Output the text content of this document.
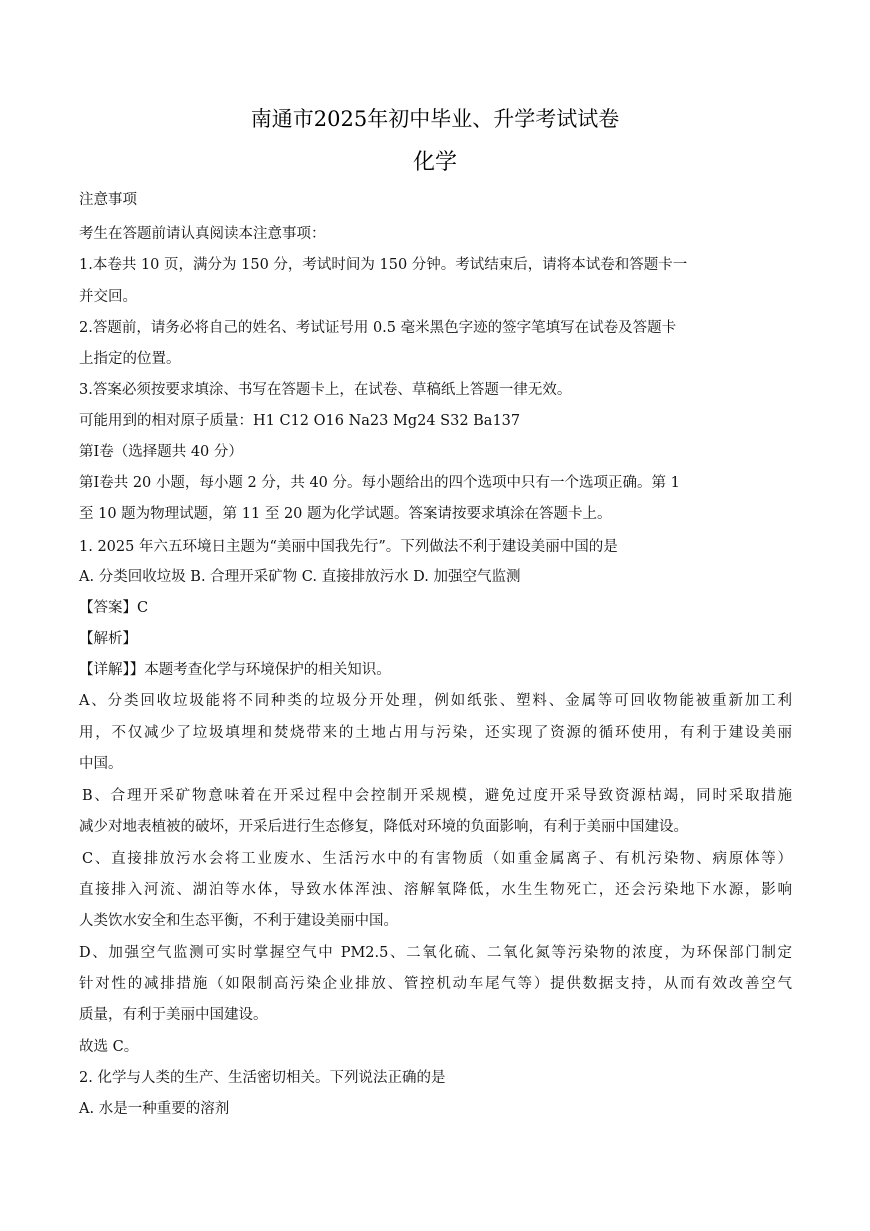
南通市2025年初中毕业、升学考试试卷
化学
注意事项
考生在答题前请认真阅读本注意事项：
1.本卷共 10 页，满分为 150 分，考试时间为 150 分钟。考试结束后，请将本试卷和答题卡一
并交回。
2.答题前，请务必将自己的姓名、考试证号用 0.5 毫米黑色字迹的签字笔填写在试卷及答题卡
上指定的位置。
3.答案必须按要求填涂、书写在答题卡上，在试卷、草稿纸上答题一律无效。
可能用到的相对原子质量：H1 C12 O16 Na23 Mg24 S32 Ba137
第Ⅰ卷（选择题共 40 分）
第Ⅰ卷共 20 小题，每小题 2 分，共 40 分。每小题给出的四个选项中只有一个选项正确。第 1
至 10 题为物理试题，第 11 至 20 题为化学试题。答案请按要求填涂在答题卡上。
1. 2025 年六五环境日主题为“美丽中国我先行”。下列做法不利于建设美丽中国的是
A. 分类回收垃圾 B. 合理开采矿物 C. 直接排放污水 D. 加强空气监测
【答案】C
【解析】
【详解】】本题考查化学与环境保护的相关知识。
A、分类回收垃圾能将不同种类的垃圾分开处理，例如纸张、塑料、金属等可回收物能被重新加工利
用，不仅减少了垃圾填埋和焚烧带来的土地占用与污染，还实现了资源的循环使用，有利于建设美丽
中国。
B、合理开采矿物意味着在开采过程中会控制开采规模，避免过度开采导致资源枯竭，同时采取措施
减少对地表植被的破坏，开采后进行生态修复，降低对环境的负面影响，有利于美丽中国建设。
C、直接排放污水会将工业废水、生活污水中的有害物质（如重金属离子、有机污染物、病原体等）
直接排入河流、湖泊等水体，导致水体浑浊、溶解氧降低，水生生物死亡，还会污染地下水源，影响
人类饮水安全和生态平衡，不利于建设美丽中国。
D、加强空气监测可实时掌握空气中 PM2.5、二氧化硫、二氧化氮等污染物的浓度，为环保部门制定
针对性的减排措施（如限制高污染企业排放、管控机动车尾气等）提供数据支持，从而有效改善空气
质量，有利于美丽中国建设。
故选 C。
2. 化学与人类的生产、生活密切相关。下列说法正确的是
A. 水是一种重要的溶剂
